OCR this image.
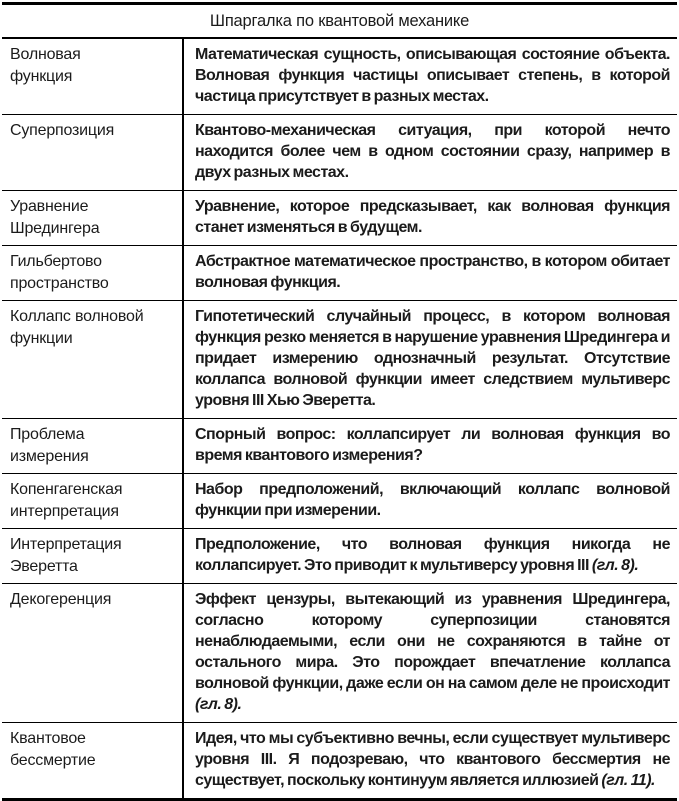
Шпаргалка по квантовой механике	
Волновая функция	Математическая сущность, описывающая состояние объекта. Волновая функция частицы описывает степень, в которой частица присутствует в разных местах.
Суперпозиция	Квантово-механическая ситуация, при которой нечто находится более чем в одном состоянии сразу, например в двух разных местах.
Уравнение Шредингера	Уравнение, которое предсказывает, как волновая функция станет изменяться в будущем.
Гильбертово пространство	Абстрактное математическое пространство, в котором обитает волновая функция.
Коллапс волновой функции	Гипотетический случайный процесс, в котором волновая функция резко меняется в нарушение уравнения Шредингера и придает измерению однозначный результат. Отсутствие коллапса волновой функции имеет следствием мультиверс уровня III Хью Эверетта.
Проблема измерения	Спорный вопрос: коллапсирует ли волновая функция во время квантового измерения?
Копенгагенская интерпретация	Набор предположений, включающий коллапс волновой функции при измерении.
Интерпретация Эверетта	Предположение, что волновая функция никогда не коллапсирует. Это приводит к мультиверсу уровня III (гл. 8).
Декогеренция	Эффект цензуры, вытекающий из уравнения Шредингера, согласно которому суперпозиции становятся ненаблюдаемыми, если они не сохраняются в тайне от остального мира. Это порождает впечатление коллапса волновой функции, даже если он на самом деле не происходит (гл. 8).
Квантовое бессмертие	Идея, что мы субъективно вечны, если существует мультиверс уровня III. Я подозреваю, что квантового бессмертия не существует, поскольку континуум является иллюзией (гл. 11).
